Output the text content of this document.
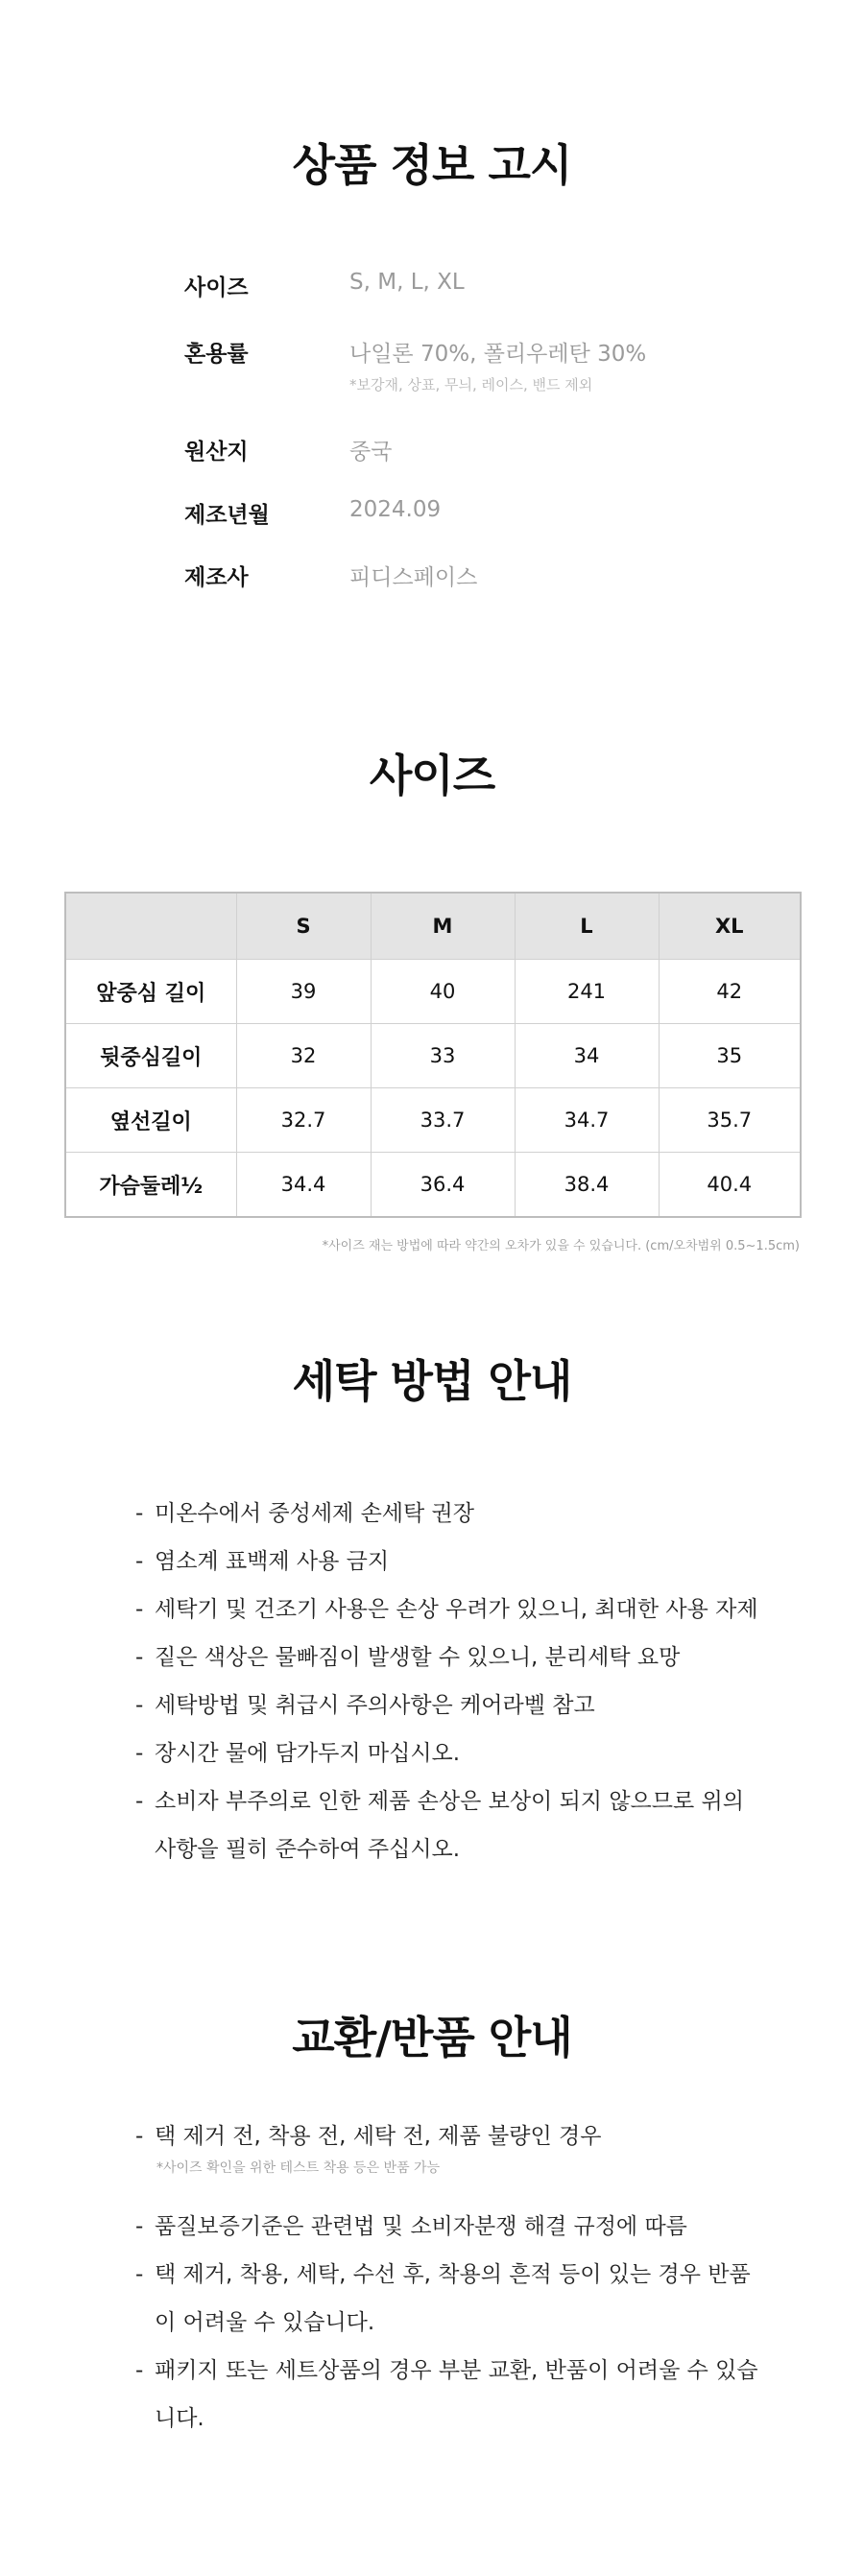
상품 정보 고시
사이즈	S, M, L, XL
혼용률	나일론 70%, 폴리우레탄 30%
*보강재, 상표, 무늬, 레이스, 밴드 제외
원산지	중국
제조년월	2024.09
제조사	피디스페이스
사이즈
	S	M	L	XL
앞중심 길이	39	40	241	42
뒷중심길이	32	33	34	35
옆선길이	32.7	33.7	34.7	35.7
가슴둘레½	34.4	36.4	38.4	40.4
*사이즈 재는 방법에 따라 약간의 오차가 있을 수 있습니다. (cm/오차범위 0.5~1.5cm)
세탁 방법 안내
- 미온수에서 중성세제 손세탁 권장
- 염소계 표백제 사용 금지
- 세탁기 및 건조기 사용은 손상 우려가 있으니, 최대한 사용 자제
- 짙은 색상은 물빠짐이 발생할 수 있으니, 분리세탁 요망
- 세탁방법 및 취급시 주의사항은 케어라벨 참고
- 장시간 물에 담가두지 마십시오.
- 소비자 부주의로 인한 제품 손상은 보상이 되지 않으므로 위의 사항을 필히 준수하여 주십시오.
교환/반품 안내
- 택 제거 전, 착용 전, 세탁 전, 제품 불량인 경우
*사이즈 확인을 위한 테스트 착용 등은 반품 가능
- 품질보증기준은 관련법 및 소비자분쟁 해결 규정에 따름
- 택 제거, 착용, 세탁, 수선 후, 착용의 흔적 등이 있는 경우 반품이 어려울 수 있습니다.
- 패키지 또는 세트상품의 경우 부분 교환, 반품이 어려울 수 있습니다.
